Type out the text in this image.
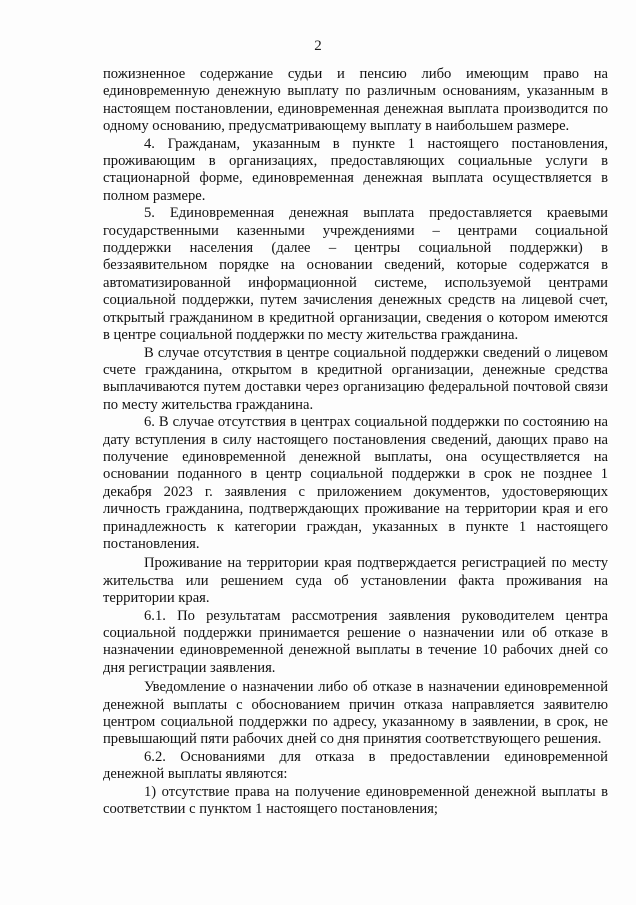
2

пожизненное содержание судьи и пенсию либо имеющим право на единовременную денежную выплату по различным основаниям, указанным в настоящем постановлении, единовременная денежная выплата производится по одному основанию, предусматривающему выплату в наибольшем размере.

4. Гражданам, указанным в пункте 1 настоящего постановления, проживающим в организациях, предоставляющих социальные услуги в стационарной форме, единовременная денежная выплата осуществляется в полном размере.

5. Единовременная денежная выплата предоставляется краевыми государственными казенными учреждениями – центрами социальной поддержки населения (далее – центры социальной поддержки) в беззаявительном порядке на основании сведений, которые содержатся в автоматизированной информационной системе, используемой центрами социальной поддержки, путем зачисления денежных средств на лицевой счет, открытый гражданином в кредитной организации, сведения о котором имеются в центре социальной поддержки по месту жительства гражданина.

В случае отсутствия в центре социальной поддержки сведений о лицевом счете гражданина, открытом в кредитной организации, денежные средства выплачиваются путем доставки через организацию федеральной почтовой связи по месту жительства гражданина.

6. В случае отсутствия в центрах социальной поддержки по состоянию на дату вступления в силу настоящего постановления сведений, дающих право на получение единовременной денежной выплаты, она осуществляется на основании поданного в центр социальной поддержки в срок не позднее 1 декабря 2023 г. заявления с приложением документов, удостоверяющих личность гражданина, подтверждающих проживание на территории края и его принадлежность к категории граждан, указанных в пункте 1 настоящего постановления.

Проживание на территории края подтверждается регистрацией по месту жительства или решением суда об установлении факта проживания на территории края.

6.1. По результатам рассмотрения заявления руководителем центра социальной поддержки принимается решение о назначении или об отказе в назначении единовременной денежной выплаты в течение 10 рабочих дней со дня регистрации заявления.

Уведомление о назначении либо об отказе в назначении единовременной денежной выплаты с обоснованием причин отказа направляется заявителю центром социальной поддержки по адресу, указанному в заявлении, в срок, не превышающий пяти рабочих дней со дня принятия соответствующего решения.

6.2. Основаниями для отказа в предоставлении единовременной денежной выплаты являются:

1) отсутствие права на получение единовременной денежной выплаты в соответствии с пунктом 1 настоящего постановления;
